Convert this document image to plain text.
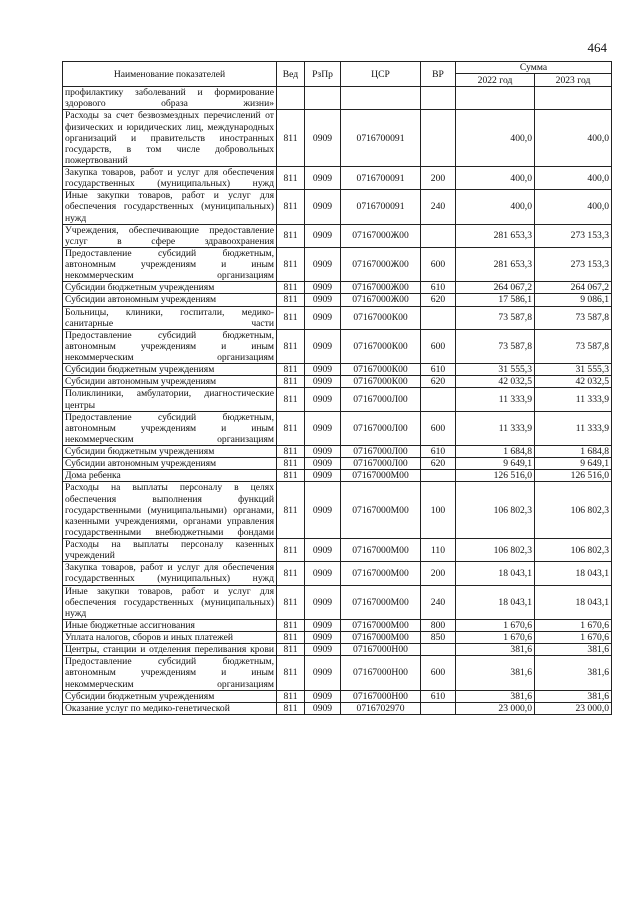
464
Наименование показателей	Вед	РзПр	ЦСР	ВР	Сумма	
					2022 год	2023 год
профилактику заболеваний и формирование здорового образа жизни»						
Расходы за счет безвозмездных перечислений от физических и юридических лиц, международных организаций и правительств иностранных государств, в том числе добровольных пожертвований	811	0909	0716700091		400,0	400,0
Закупка товаров, работ и услуг для обеспечения государственных (муниципальных) нужд	811	0909	0716700091	200	400,0	400,0
Иные закупки товаров, работ и услуг для обеспечения государственных (муниципальных) нужд	811	0909	0716700091	240	400,0	400,0
Учреждения, обеспечивающие предоставление услуг в сфере здравоохранения	811	0909	07167000Ж00		281 653,3	273 153,3
Предоставление субсидий бюджетным, автономным учреждениям и иным некоммерческим организациям	811	0909	07167000Ж00	600	281 653,3	273 153,3
Субсидии бюджетным учреждениям	811	0909	07167000Ж00	610	264 067,2	264 067,2
Субсидии автономным учреждениям	811	0909	07167000Ж00	620	17 586,1	9 086,1
Больницы, клиники, госпитали, медико-санитарные части	811	0909	07167000К00		73 587,8	73 587,8
Предоставление субсидий бюджетным, автономным учреждениям и иным некоммерческим организациям	811	0909	07167000К00	600	73 587,8	73 587,8
Субсидии бюджетным учреждениям	811	0909	07167000К00	610	31 555,3	31 555,3
Субсидии автономным учреждениям	811	0909	07167000К00	620	42 032,5	42 032,5
Поликлиники, амбулатории, диагностические центры	811	0909	07167000Л00		11 333,9	11 333,9
Предоставление субсидий бюджетным, автономным учреждениям и иным некоммерческим организациям	811	0909	07167000Л00	600	11 333,9	11 333,9
Субсидии бюджетным учреждениям	811	0909	07167000Л00	610	1 684,8	1 684,8
Субсидии автономным учреждениям	811	0909	07167000Л00	620	9 649,1	9 649,1
Дома ребенка	811	0909	07167000М00		126 516,0	126 516,0
Расходы на выплаты персоналу в целях обеспечения выполнения функций государственными (муниципальными) органами, казенными учреждениями, органами управления государственными внебюджетными фондами	811	0909	07167000М00	100	106 802,3	106 802,3
Расходы на выплаты персоналу казенных учреждений	811	0909	07167000М00	110	106 802,3	106 802,3
Закупка товаров, работ и услуг для обеспечения государственных (муниципальных) нужд	811	0909	07167000М00	200	18 043,1	18 043,1
Иные закупки товаров, работ и услуг для обеспечения государственных (муниципальных) нужд	811	0909	07167000М00	240	18 043,1	18 043,1
Иные бюджетные ассигнования	811	0909	07167000М00	800	1 670,6	1 670,6
Уплата налогов, сборов и иных платежей	811	0909	07167000М00	850	1 670,6	1 670,6
Центры, станции и отделения переливания крови	811	0909	07167000Н00		381,6	381,6
Предоставление субсидий бюджетным, автономным учреждениям и иным некоммерческим организациям	811	0909	07167000Н00	600	381,6	381,6
Субсидии бюджетным учреждениям	811	0909	07167000Н00	610	381,6	381,6
Оказание услуг по медико-генетической	811	0909	0716702970		23 000,0	23 000,0
